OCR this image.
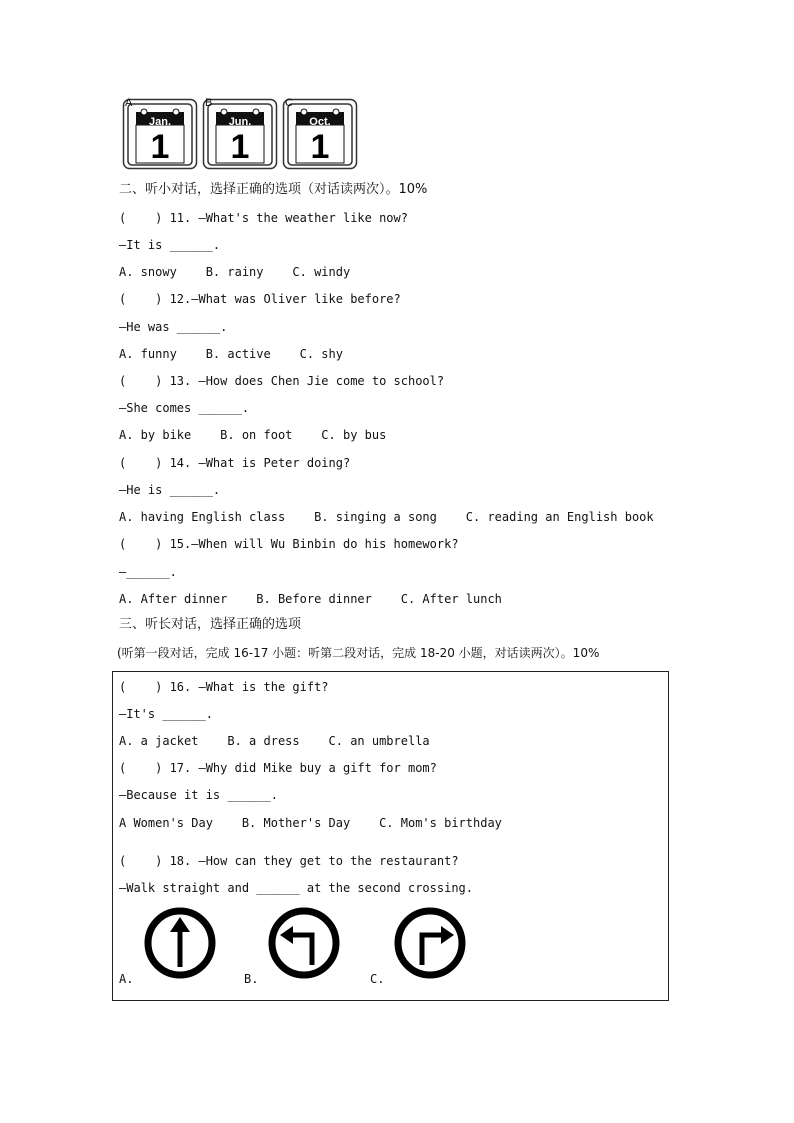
A
Jan.
1
B
Jun.
1
C
Oct.
1
二、听小对话，选择正确的选项（对话读两次）。10%
(    ) 11. —What's the weather like now?
—It is ______.
A. snowy    B. rainy    C. windy
(    ) 12.—What was Oliver like before?
—He was ______.
A. funny    B. active    C. shy
(    ) 13. —How does Chen Jie come to school?
—She comes ______.
A. by bike    B. on foot    C. by bus
(    ) 14. —What is Peter doing?
—He is ______.
A. having English class    B. singing a song    C. reading an English book
(    ) 15.—When will Wu Binbin do his homework?
—______.
A. After dinner    B. Before dinner    C. After lunch
三、听长对话，选择正确的选项
(听第一段对话，完成 16-17 小题：听第二段对话，完成 18-20 小题，对话读两次）。10%
(    ) 16. —What is the gift?
—It's ______.
A. a jacket    B. a dress    C. an umbrella
(    ) 17. —Why did Mike buy a gift for mom?
—Because it is ______.
A Women's Day    B. Mother's Day    C. Mom's birthday
(    ) 18. —How can they get to the restaurant?
—Walk straight and ______ at the second crossing.
A.	B.	C.
